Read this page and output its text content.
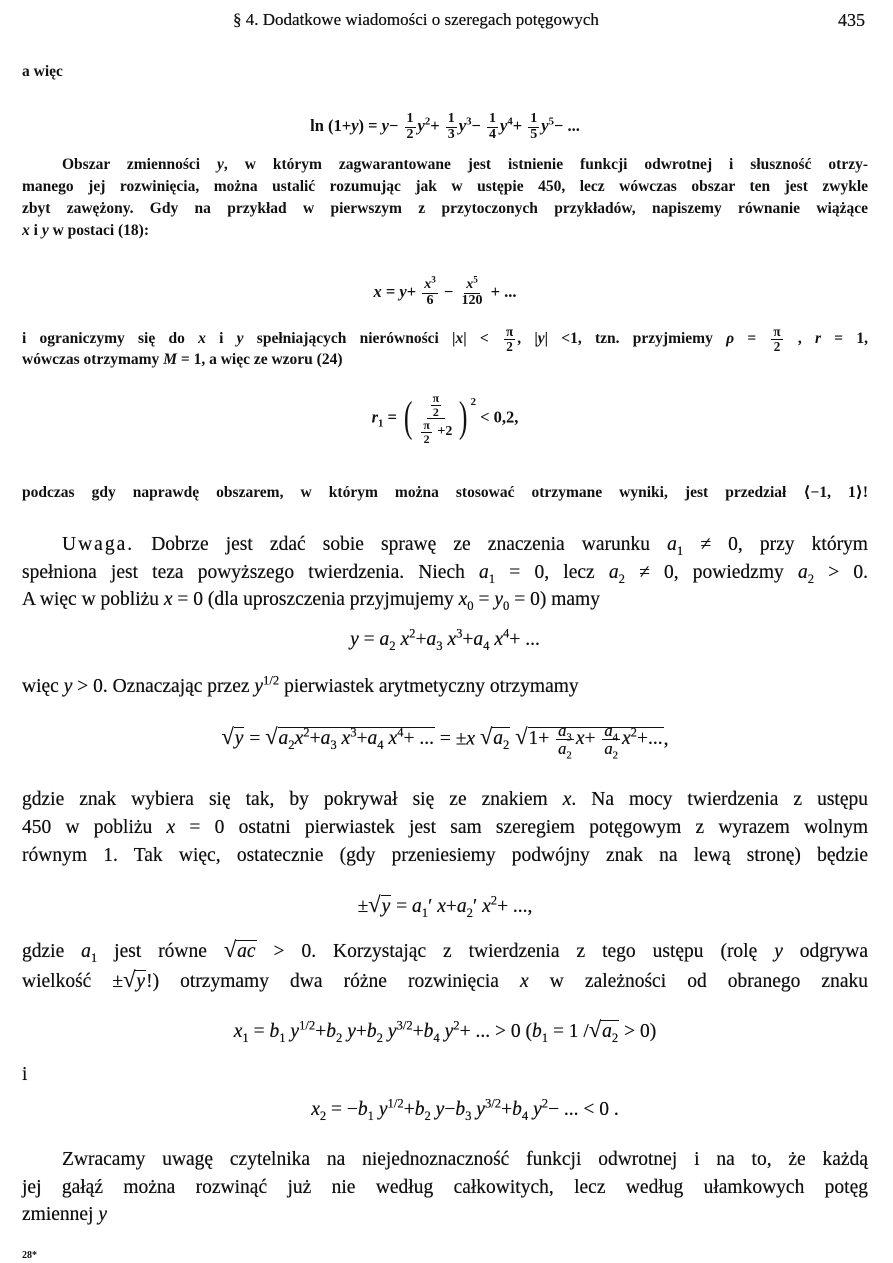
§ 4. Dodatkowe wiadomości o szeregach potęgowych	435
a więc
$\ln (1+y) = y- \frac{1}{2} y^2+ \frac{1}{3} y^3- \frac{1}{4} y^4+ \frac{1}{5} y^5-$ ...
Obszar zmienności y, w którym zagwarantowane jest istnienie funkcji odwrotnej i słuszność otrzy-
manego jej rozwinięcia, można ustalić rozumując jak w ustępie 450, lecz wówczas obszar ten jest zwykle
zbyt zawężony. Gdy na przykład w pierwszym z przytoczonych przykładów, napiszemy równanie wiążące
x i y w postaci (18):
$x = y+ \frac{x^3}{6} - \frac{x^5}{120}$ + ...
i ograniczymy się do x i y spełniających nierówności $|x| < \frac{\pi}{2}$ , |y| <1, tzn. przyjmiemy $\rho = \frac{\pi}{2}$ , r = 1,
wówczas otrzymamy M = 1, a więc ze wzoru (24)
$r_1$ = ( $\frac{\frac{\pi}{2}}{\frac{\pi}{2} +2}$ ) 2
< 0,2,
podczas gdy naprawdę obszarem, w którym można stosować otrzymane wyniki, jest przedział ⟨−1, 1⟩!
Uwaga. Dobrze jest zdać sobie sprawę ze znaczenia warunku $a_1 \ne 0$, przy którym
spełniona jest teza powyższego twierdzenia. Niech $a_1 = 0$, lecz $a_2 \ne 0$, powiedzmy $a_2 > 0$.
A więc w pobliżu x = 0 (dla uproszczenia przyjmujemy $x_0 = y_0 = 0$) mamy
$y = a_2$ $x^2+a_3$ $x^3+a_4$ $x^4+$ ...
więc y > 0. Oznaczając przez $y^{1/2}$ pierwiastek arytmetyczny otrzymamy
$√y = √a_2x^2+a_3$ $x^3+a_4$ $x^4+$ ... = ±x $√a_2$ $√1+ \frac{a_3}{a_2} x+ \frac{a_4}{a_2} x^2+$...,
gdzie znak wybiera się tak, by pokrywał się ze znakiem x. Na mocy twierdzenia z ustępu
450 w pobliżu x = 0 ostatni pierwiastek jest sam szeregiem potęgowym z wyrazem wolnym
równym 1. Tak więc, ostatecznie (gdy przeniesiemy podwójny znak na lewą stronę) będzie
$\pm√y = a_1'$ $x+a_2'$ $x^2+$ ...,
gdzie $a_1$ jest równe √ac > 0. Korzystając z twierdzenia z tego ustępu (rolę y odgrywa
wielkość ±√y!) otrzymamy dwa różne rozwinięcia x w zależności od obranego znaku
$x_1 = b_1$ $y^{1/2}+b_2$ $y+b_2$ $y^{3/2}+b_4$ $y^2+$ ... > 0 ($b_1 = 1$ $/√a_2 > 0$)
i
$x_2 = -b_1$ $y^{1/2}+b_2$ $y-b_3$ $y^{3/2}+b_4$ $y^2-$ ... < 0 .
Zwracamy uwagę czytelnika na niejednoznaczność funkcji odwrotnej i na to, że każdą
jej gałąź można rozwinąć już nie według całkowitych, lecz według ułamkowych potęg
zmiennej y
28*
